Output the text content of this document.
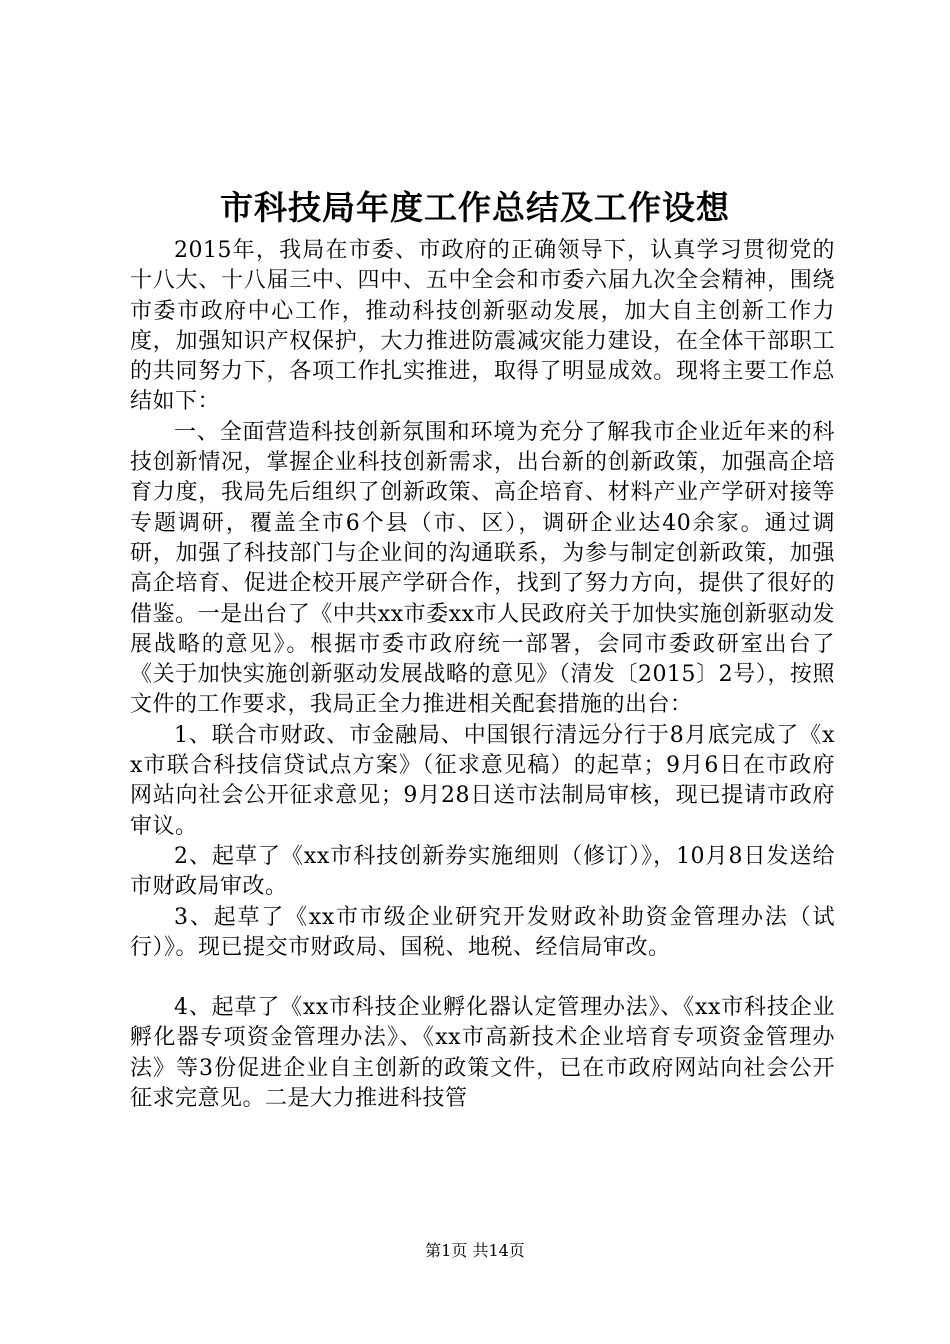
市科技局年度工作总结及工作设想

2015年，我局在市委、市政府的正确领导下，认真学习贯彻党的十八大、十八届三中、四中、五中全会和市委六届九次全会精神，围绕市委市政府中心工作，推动科技创新驱动发展，加大自主创新工作力度，加强知识产权保护，大力推进防震减灾能力建设，在全体干部职工的共同努力下，各项工作扎实推进，取得了明显成效。现将主要工作总结如下：

一、全面营造科技创新氛围和环境为充分了解我市企业近年来的科技创新情况，掌握企业科技创新需求，出台新的创新政策，加强高企培育力度，我局先后组织了创新政策、高企培育、材料产业产学研对接等专题调研，覆盖全市6个县（市、区），调研企业达40余家。通过调研，加强了科技部门与企业间的沟通联系，为参与制定创新政策，加强高企培育、促进企校开展产学研合作，找到了努力方向，提供了很好的借鉴。一是出台了《中共xx市委xx市人民政府关于加快实施创新驱动发展战略的意见》。根据市委市政府统一部署，会同市委政研室出台了《关于加快实施创新驱动发展战略的意见》（清发〔2015〕2号），按照文件的工作要求，我局正全力推进相关配套措施的出台：

1、联合市财政、市金融局、中国银行清远分行于8月底完成了《xx市联合科技信贷试点方案》（征求意见稿）的起草；9月6日在市政府网站向社会公开征求意见；9月28日送市法制局审核，现已提请市政府审议。

2、起草了《xx市科技创新券实施细则（修订）》，10月8日发送给市财政局审改。

3、起草了《xx市市级企业研究开发财政补助资金管理办法（试行）》。现已提交市财政局、国税、地税、经信局审改。

4、起草了《xx市科技企业孵化器认定管理办法》、《xx市科技企业孵化器专项资金管理办法》、《xx市高新技术企业培育专项资金管理办法》等3份促进企业自主创新的政策文件，已在市政府网站向社会公开征求完意见。二是大力推进科技管

第1页 共14页
